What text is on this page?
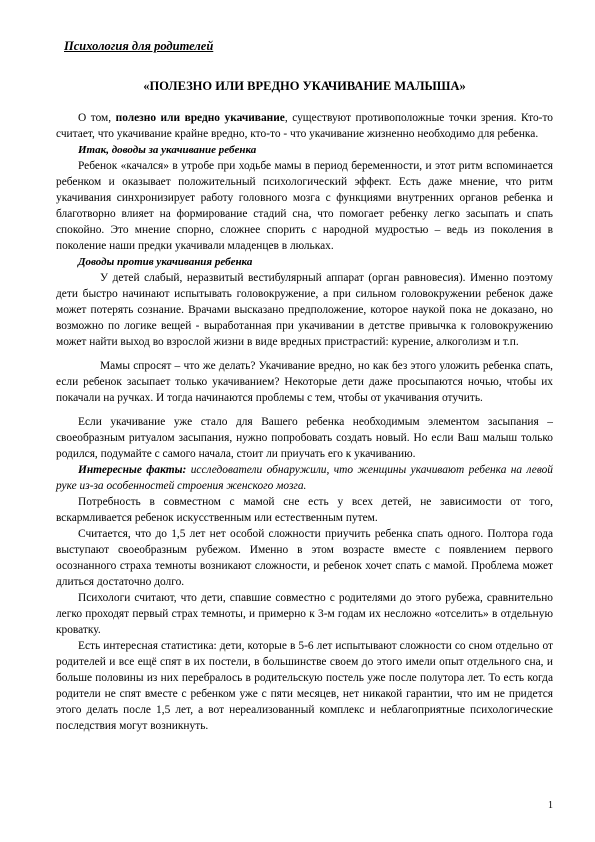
Психология для родителей
«ПОЛЕЗНО ИЛИ ВРЕДНО УКАЧИВАНИЕ МАЛЫША»

О том, полезно или вредно укачивание, существуют противоположные точки зрения. Кто-то считает, что укачивание крайне вредно, кто-то - что укачивание жизненно необходимо для ребенка.

Итак, доводы за укачивание ребенка

Ребенок «качался» в утробе при ходьбе мамы в период беременности, и этот ритм вспоминается ребенком и оказывает положительный психологический эффект. Есть даже мнение, что ритм укачивания синхронизирует работу головного мозга с функциями внутренних органов ребенка и благотворно влияет на формирование стадий сна, что помогает ребенку легко засыпать и спать спокойно. Это мнение спорно, сложнее спорить с народной мудростью – ведь из поколения в поколение наши предки укачивали младенцев в люльках.

Доводы против укачивания ребенка

У детей слабый, неразвитый вестибулярный аппарат (орган равновесия). Именно поэтому дети быстро начинают испытывать головокружение, а при сильном головокружении ребенок даже может потерять сознание. Врачами высказано предположение, которое наукой пока не доказано, но возможно по логике вещей - выработанная при укачивании в детстве привычка к головокружению может найти выход во взрослой жизни в виде вредных пристрастий: курение, алкоголизм и т.п.

Мамы спросят – что же делать? Укачивание вредно, но как без этого уложить ребенка спать, если ребенок засыпает только укачиванием? Некоторые дети даже просыпаются ночью, чтобы их покачали на ручках. И тогда начинаются проблемы с тем, чтобы от укачивания отучить.

Если укачивание уже стало для Вашего ребенка необходимым элементом засыпания – своеобразным ритуалом засыпания, нужно попробовать создать новый. Но если Ваш малыш только родился, подумайте с самого начала, стоит ли приучать его к укачиванию.

Интересные факты: исследователи обнаружили, что женщины укачивают ребенка на левой руке из-за особенностей строения женского мозга.

Потребность в совместном с мамой сне есть у всех детей, не зависимости от того, вскармливается ребенок искусственным или естественным путем.

Считается, что до 1,5 лет нет особой сложности приучить ребенка спать одного. Полтора года выступают своеобразным рубежом. Именно в этом возрасте вместе с появлением первого осознанного страха темноты возникают сложности, и ребенок хочет спать с мамой. Проблема может длиться достаточно долго.

Психологи считают, что дети, спавшие совместно с родителями до этого рубежа, сравнительно легко проходят первый страх темноты, и примерно к 3-м годам их несложно «отселить» в отдельную кроватку.

Есть интересная статистика: дети, которые в 5-6 лет испытывают сложности со сном отдельно от родителей и все ещё спят в их постели, в большинстве своем до этого имели опыт отдельного сна, и больше половины из них перебралось в родительскую постель уже после полутора лет. То есть когда родители не спят вместе с ребенком уже с пяти месяцев, нет никакой гарантии, что им не придется этого делать после 1,5 лет, а вот нереализованный комплекс и неблагоприятные психологические последствия могут возникнуть.

1
